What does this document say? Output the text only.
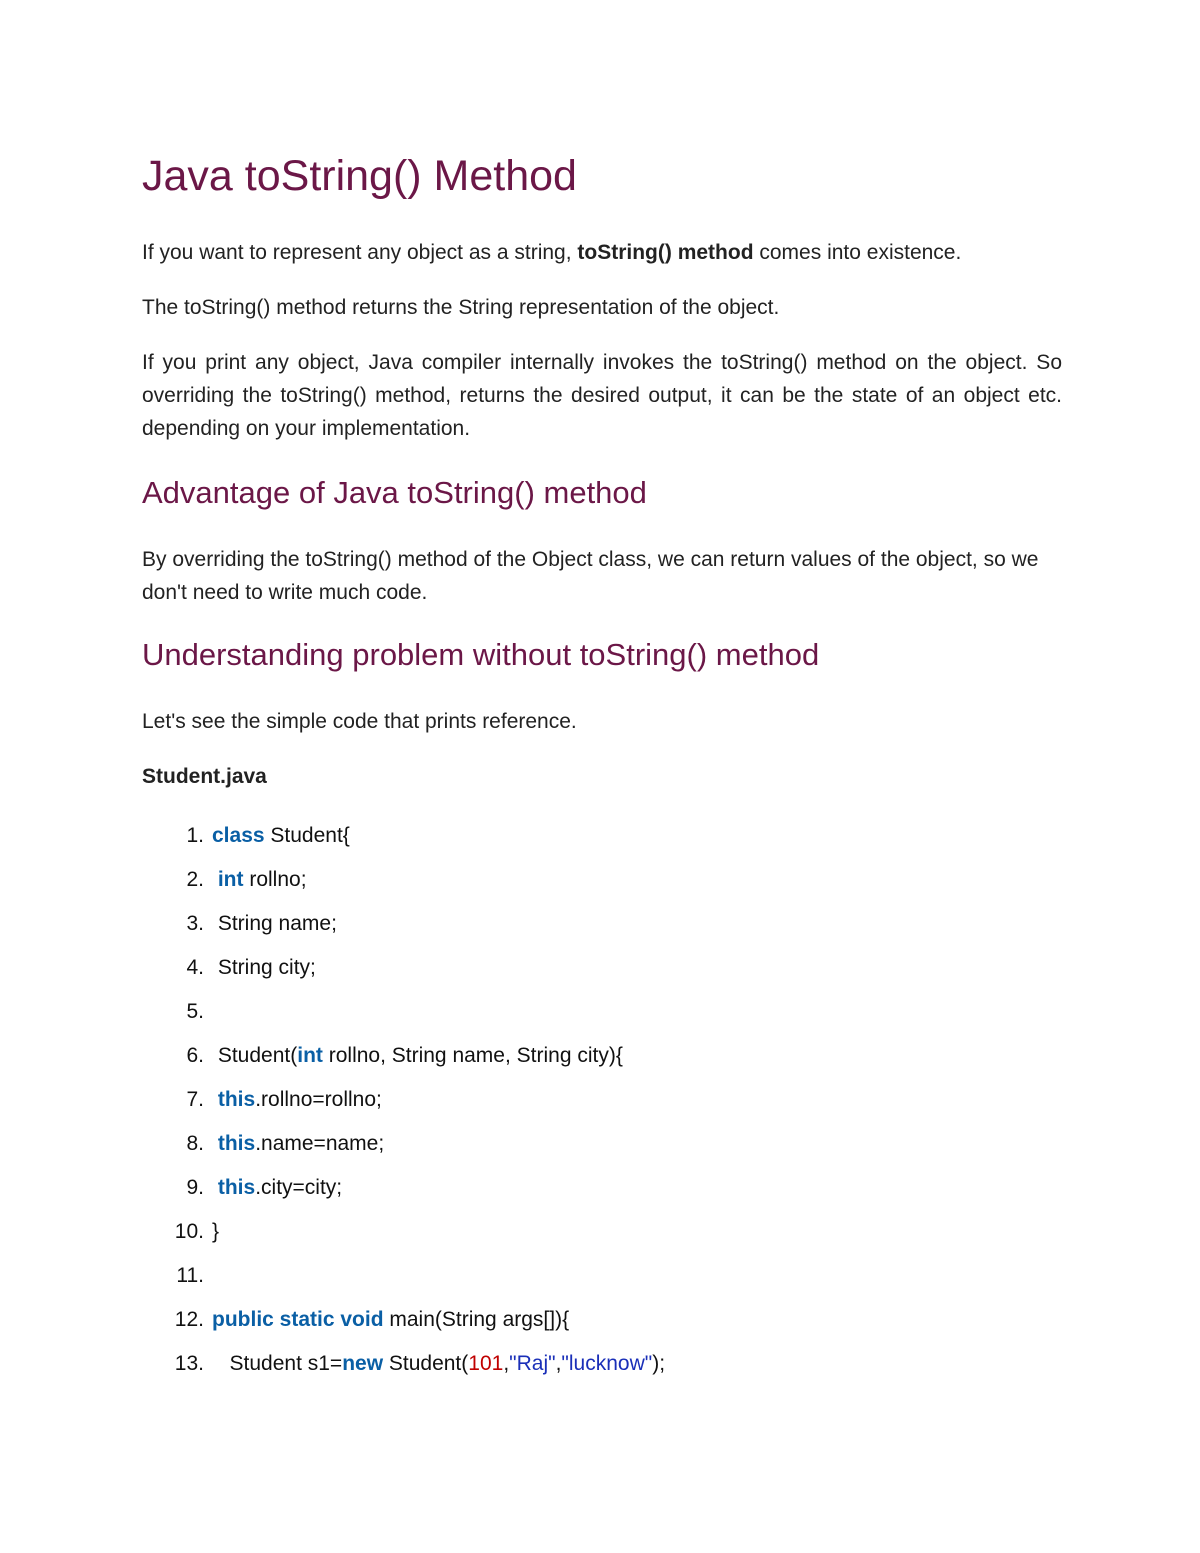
Java toString() Method

If you want to represent any object as a string, toString() method comes into existence.

The toString() method returns the String representation of the object.

If you print any object, Java compiler internally invokes the toString() method on the object. So overriding the toString() method, returns the desired output, it can be the state of an object etc. depending on your implementation.

Advantage of Java toString() method

By overriding the toString() method of the Object class, we can return values of the object, so we don't need to write much code.

Understanding problem without toString() method

Let's see the simple code that prints reference.

Student.java
1. class Student{
2. int rollno;
3. String name;
4. String city;
5.
6. Student(int rollno, String name, String city){
7. this.rollno=rollno;
8. this.name=name;
9. this.city=city;
10. }
11.
12. public static void main(String args[]){
13. Student s1=new Student(101,"Raj","lucknow");
